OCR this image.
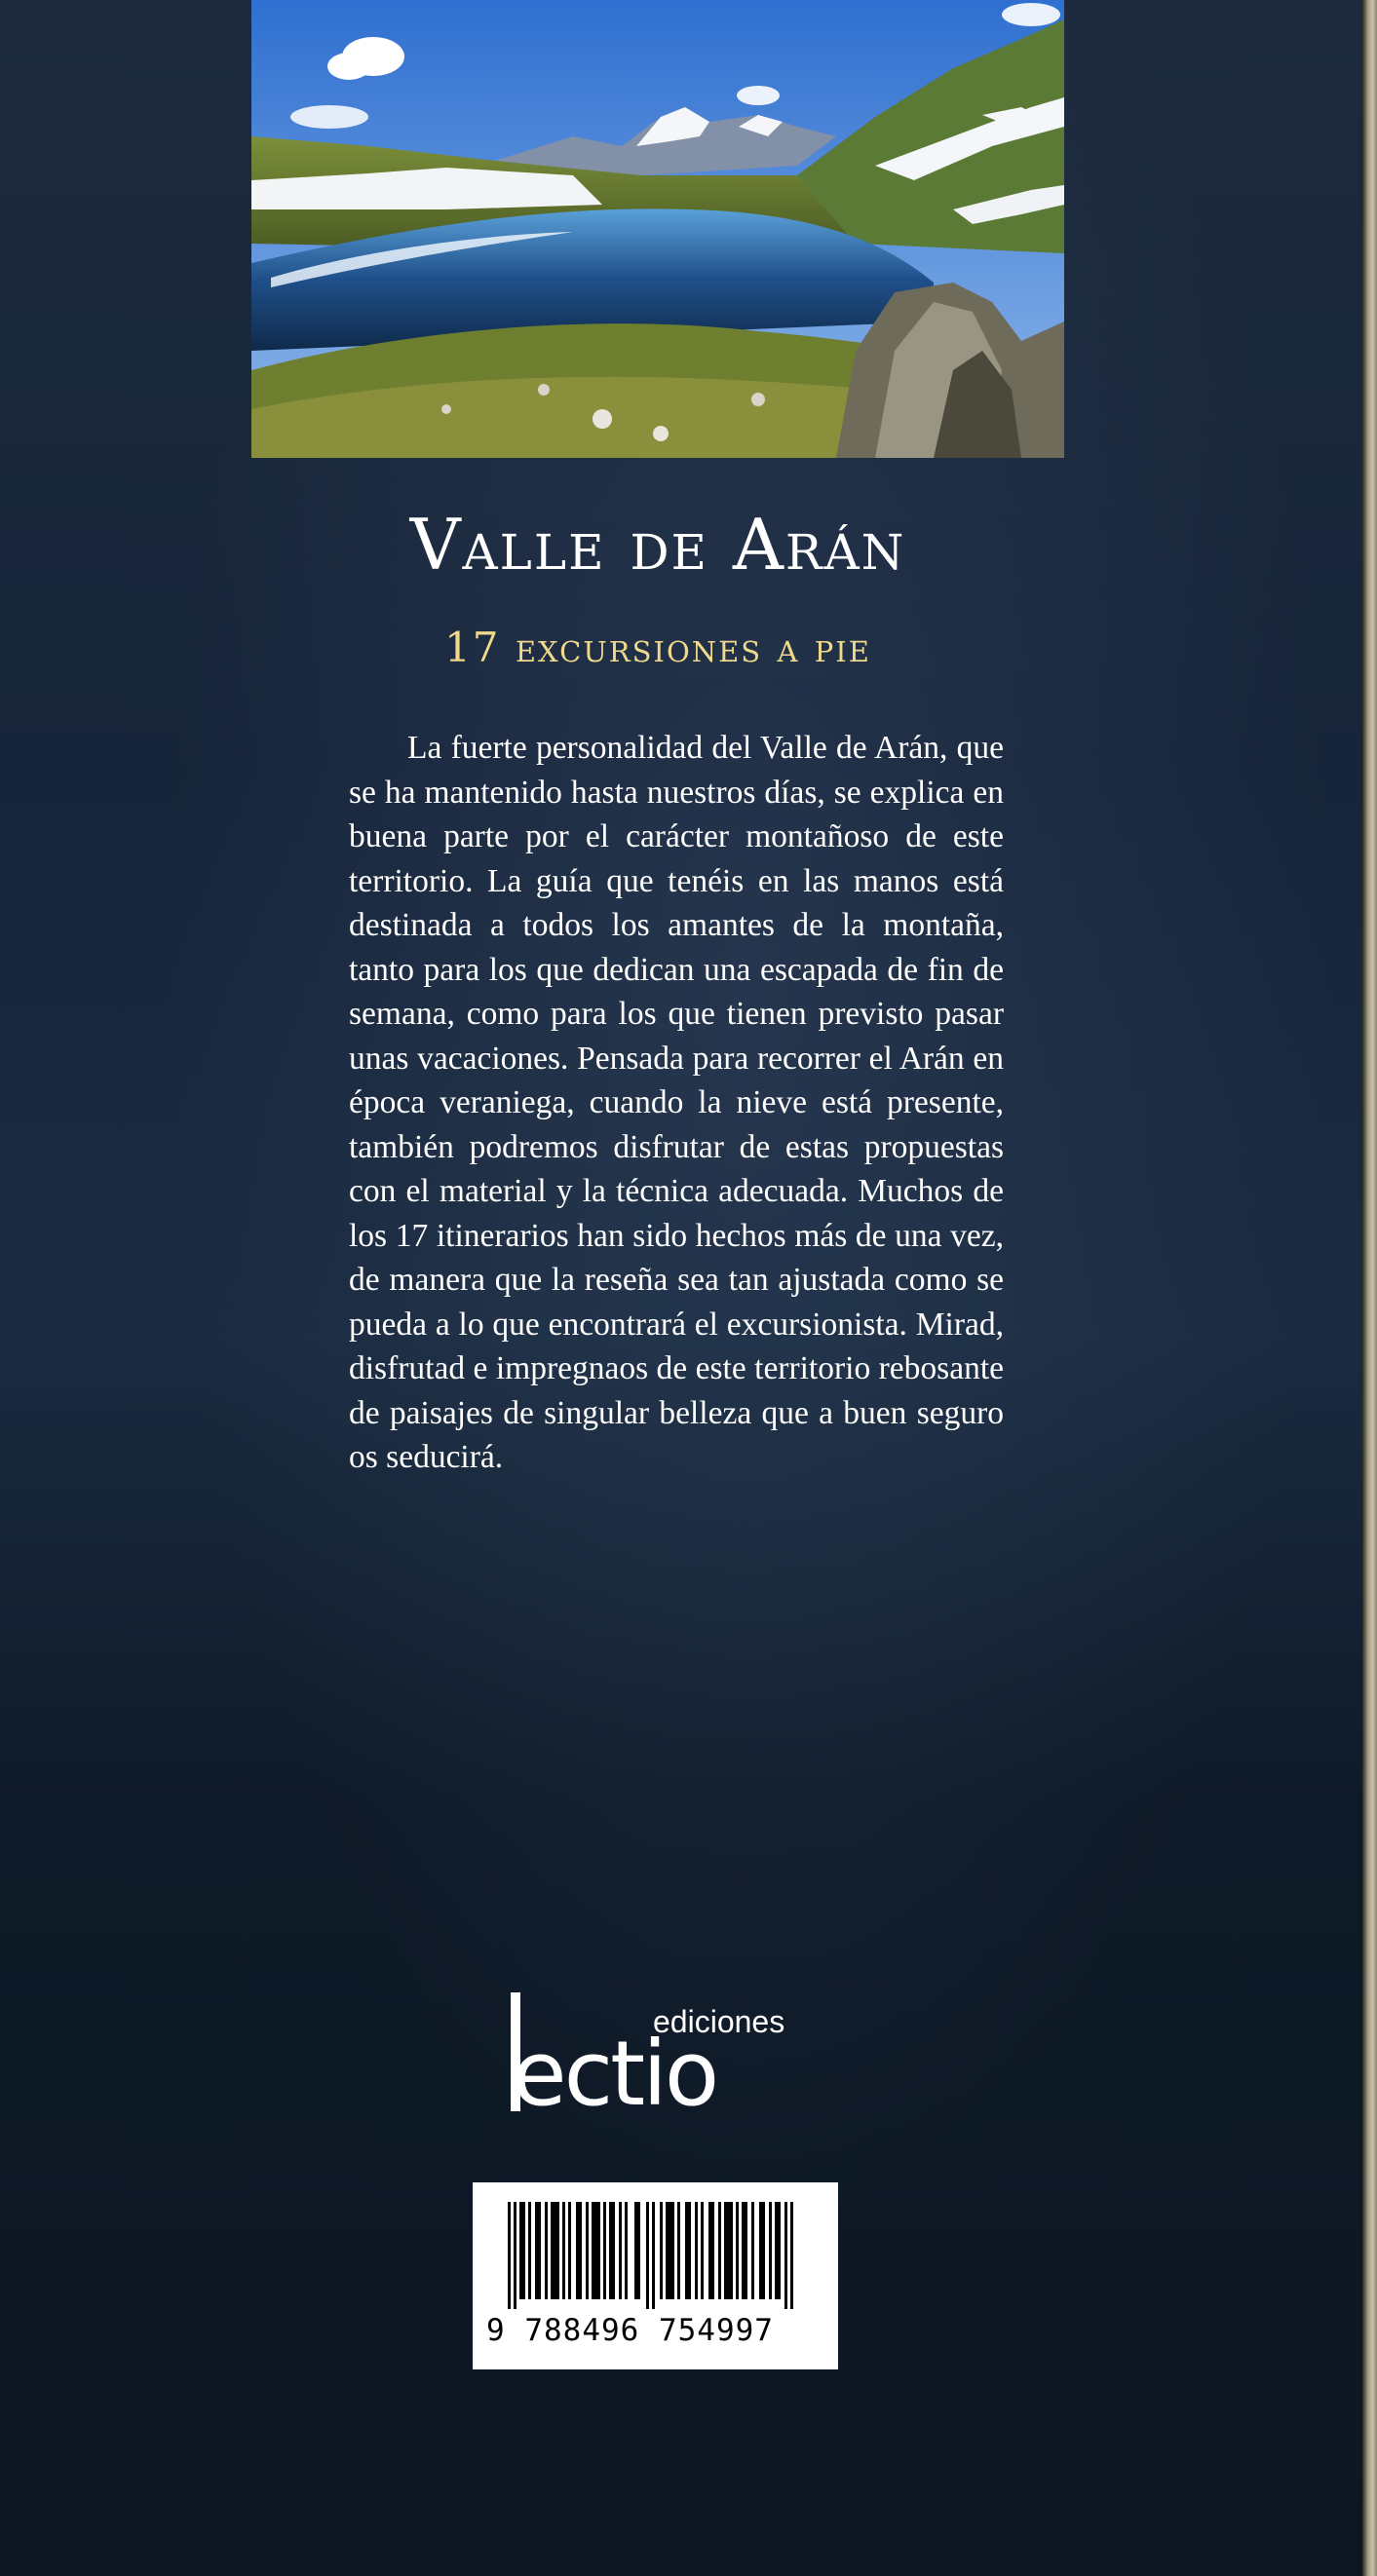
Valle de Arán
17 excursiones a pie
La fuerte personalidad del Valle de Arán, que se ha mantenido hasta nuestros días, se explica en buena parte por el carácter montañoso de este territorio. La guía que tenéis en las manos está destinada a todos los amantes de la montaña, tanto para los que dedican una escapada de fin de semana, como para los que tienen previsto pasar unas vacaciones. Pensada para recorrer el Arán en época veraniega, cuando la nieve está presente, también podremos disfrutar de estas propuestas con el material y la técnica adecuada. Muchos de los 17 itinerarios han sido hechos más de una vez, de manera que la reseña sea tan ajustada como se pueda a lo que encontrará el excursionista. Mirad, disfrutad e impregnaos de este territorio rebosante de paisajes de singular belleza que a buen seguro os seducirá.
ediciones
ectio
9 788496 754997
